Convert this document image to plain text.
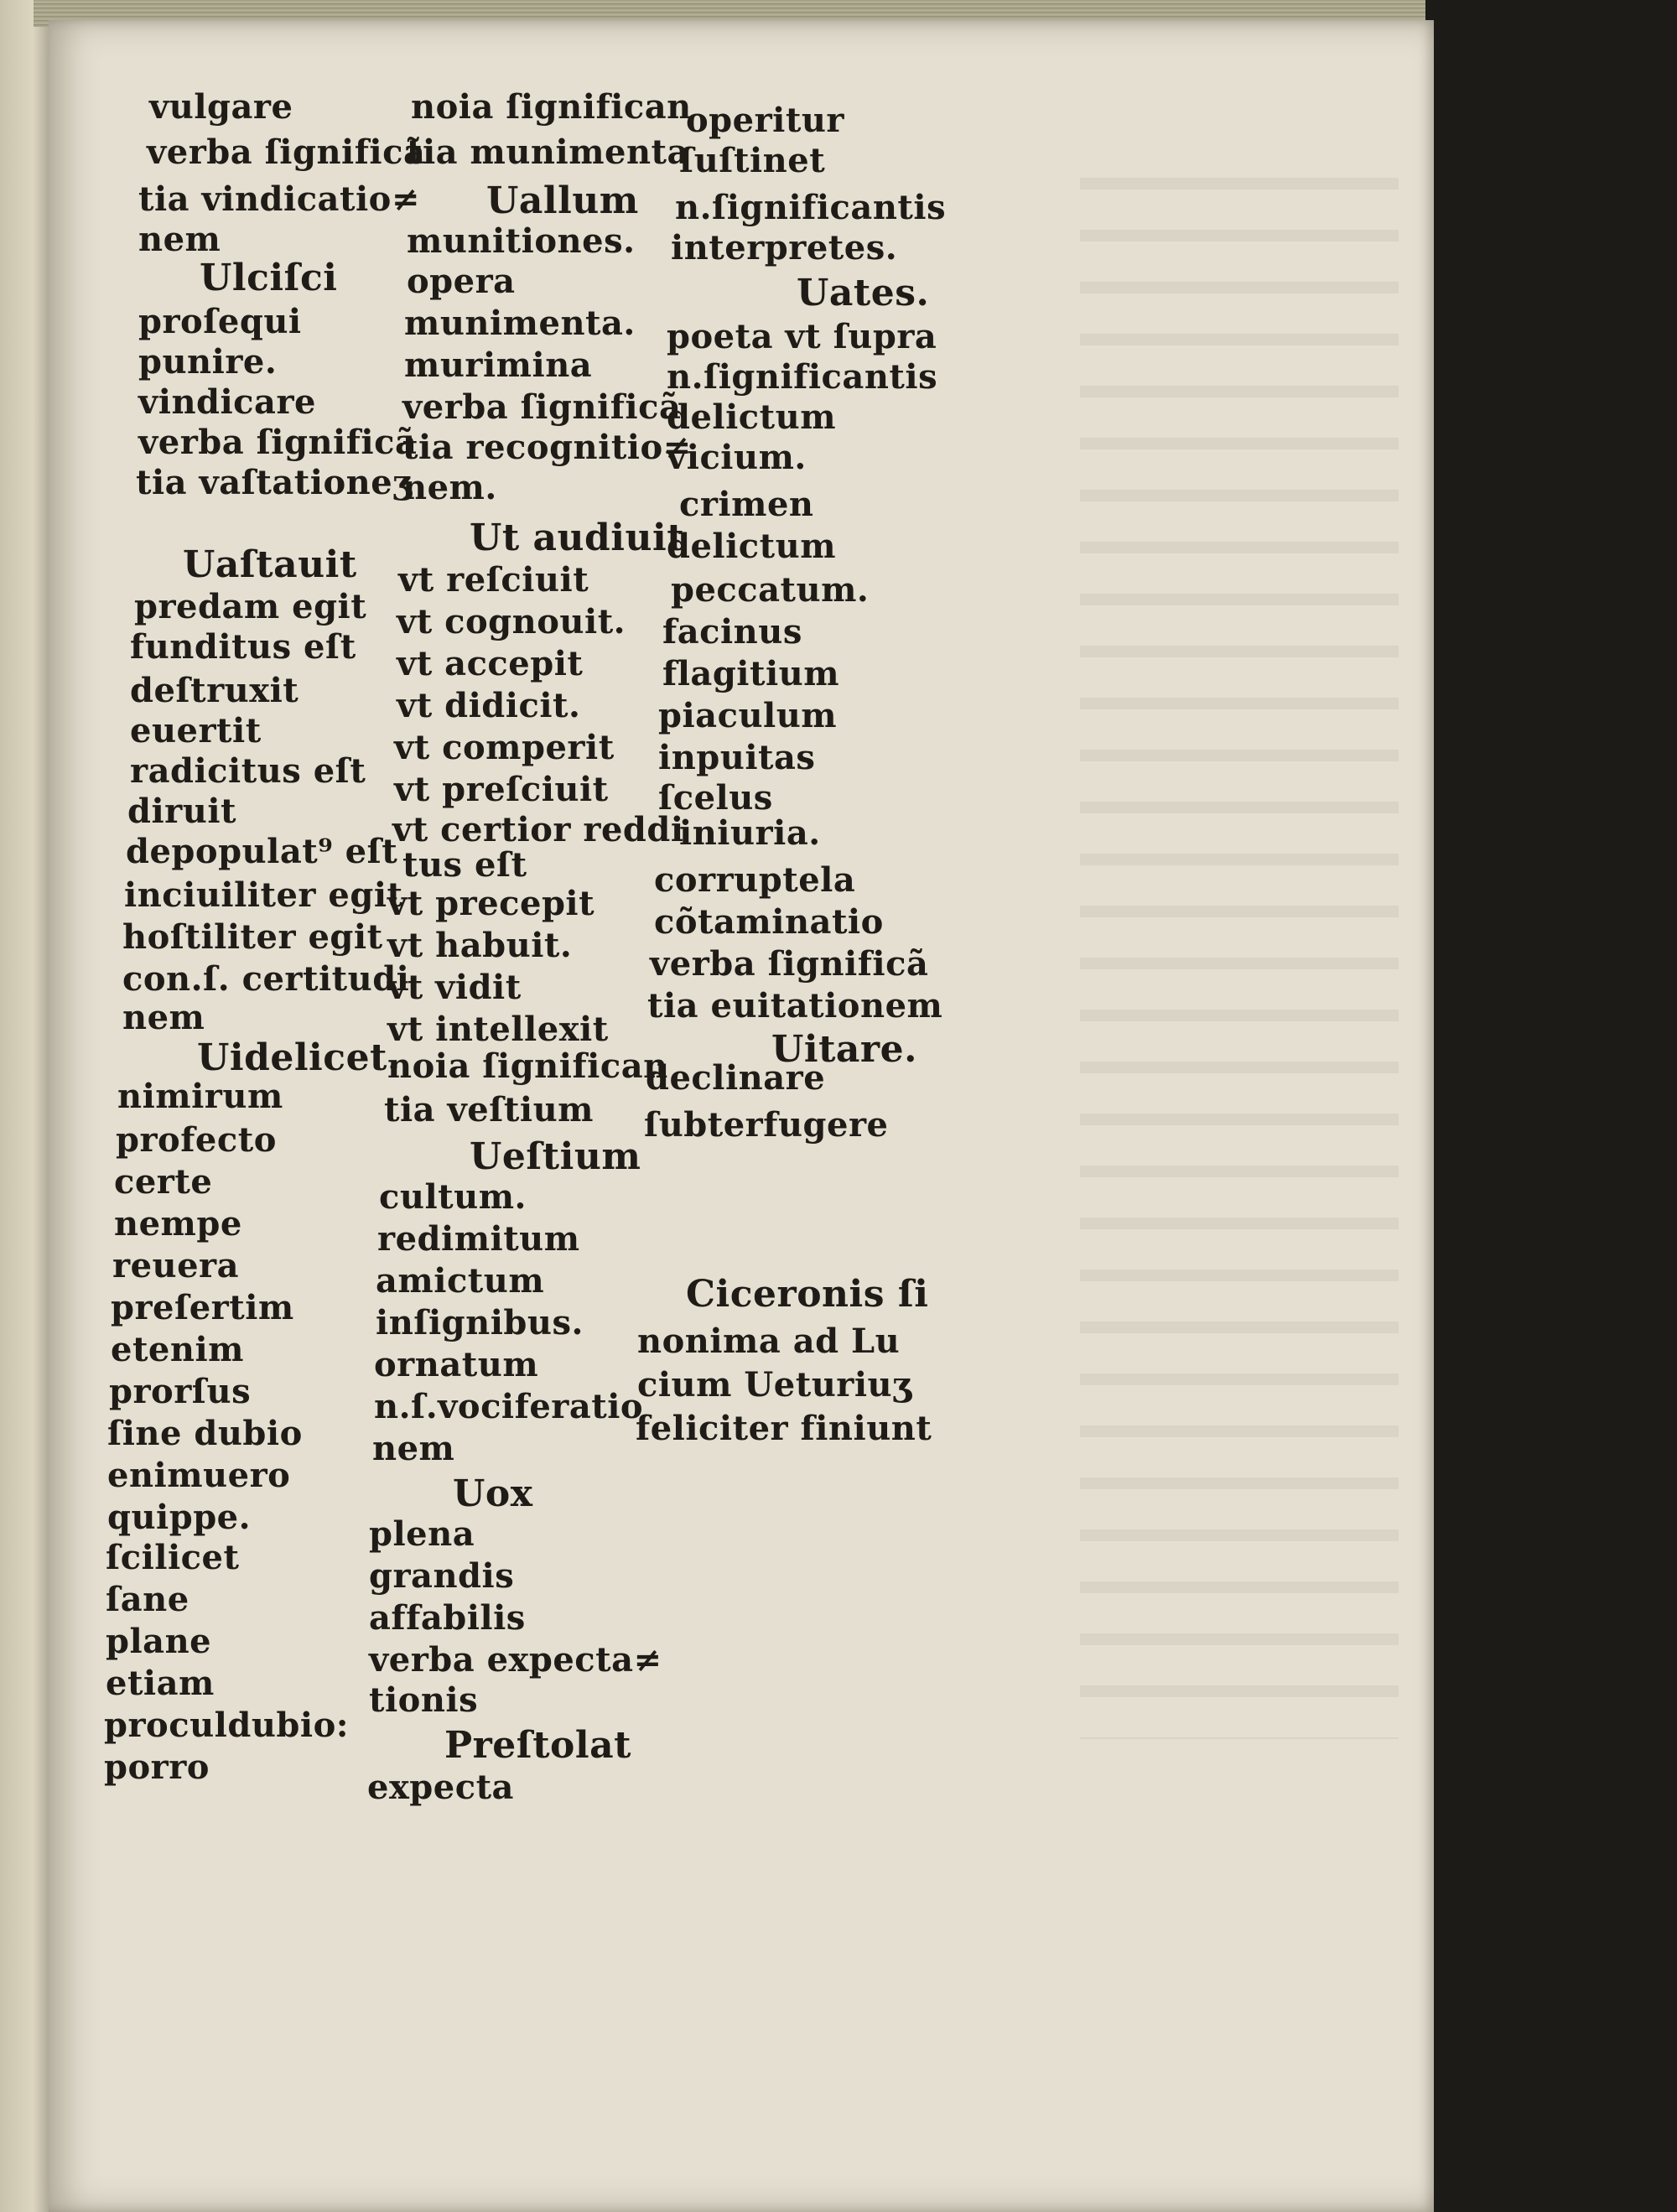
vulgare
verba ſignificã
tia vindicatio≠
nem
Ulciſci
proſequi
punire.
vindicare
verba ſignificã
tia vaſtationeʒ
Uaſtauit
predam egit
funditus eſt
deſtruxit
euertit
radicitus eſt
diruit
depopulat⁹ eſt
inciuiliter egit
hoſtiliter egit
con.ſ. certitudi
nem
Uidelicet.
nimirum
profecto
certe
nempe
reuera
preſertim
etenim
prorſus
ſine dubio
enimuero
quippe.
ſcilicet
ſane
plane
etiam
proculdubio:
porro
noia ſignifican
tia munimenta
Uallum
munitiones.
opera
munimenta.
murimina
verba ſignificã
tia recognitio≠
nem.
Ut audiuit
vt reſciuit
vt cognouit.
vt accepit
vt didicit.
vt comperit
vt preſciuit
vt certior reddi
tus eſt
vt precepit
vt habuit.
vt vidit
vt intellexit
noia ſignifican
tia veſtium
Ueſtium
cultum.
redimitum
amictum
inſignibus.
ornatum
n.ſ.vociferatio
nem
Uox
plena
grandis
affabilis
verba expecta≠
tionis
Preſtolat
expecta
operitur
ſuſtinet
n.ſignificantis
interpretes.
Uates.
poeta vt ſupra
n.ſignificantis
delictum
vicium.
crimen
delictum
peccatum.
facinus
flagitium
piaculum
inpuitas
ſcelus
iniuria.
corruptela
cõtaminatio
verba ſignificã
tia euitationem
Uitare.
declinare
ſubterfugere
Ciceronis ſi
nonima ad Lu
cium Ueturiuʒ
feliciter finiunt
